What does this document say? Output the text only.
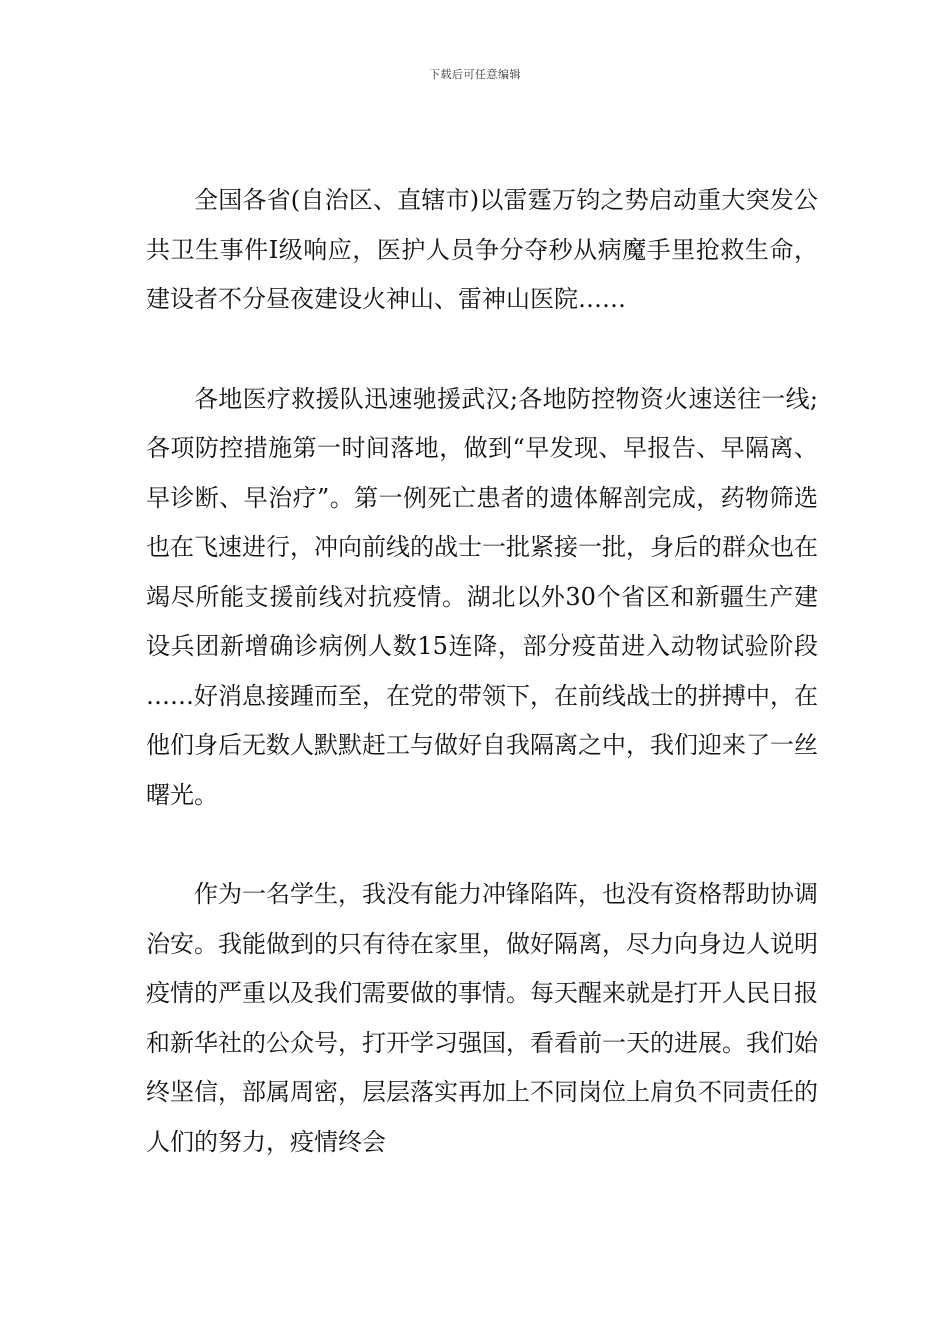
下载后可任意编辑

全国各省(自治区、直辖市)以雷霆万钧之势启动重大突发公共卫生事件Ⅰ级响应，医护人员争分夺秒从病魔手里抢救生命，建设者不分昼夜建设火神山、雷神山医院……

各地医疗救援队迅速驰援武汉;各地防控物资火速送往一线;各项防控措施第一时间落地，做到“早发现、早报告、早隔离、早诊断、早治疗”。第一例死亡患者的遗体解剖完成，药物筛选也在飞速进行，冲向前线的战士一批紧接一批，身后的群众也在竭尽所能支援前线对抗疫情。湖北以外30个省区和新疆生产建设兵团新增确诊病例人数15连降，部分疫苗进入动物试验阶段……好消息接踵而至，在党的带领下，在前线战士的拼搏中，在他们身后无数人默默赶工与做好自我隔离之中，我们迎来了一丝曙光。

作为一名学生，我没有能力冲锋陷阵，也没有资格帮助协调治安。我能做到的只有待在家里，做好隔离，尽力向身边人说明疫情的严重以及我们需要做的事情。每天醒来就是打开人民日报和新华社的公众号，打开学习强国，看看前一天的进展。我们始终坚信，部属周密，层层落实再加上不同岗位上肩负不同责任的人们的努力，疫情终会
